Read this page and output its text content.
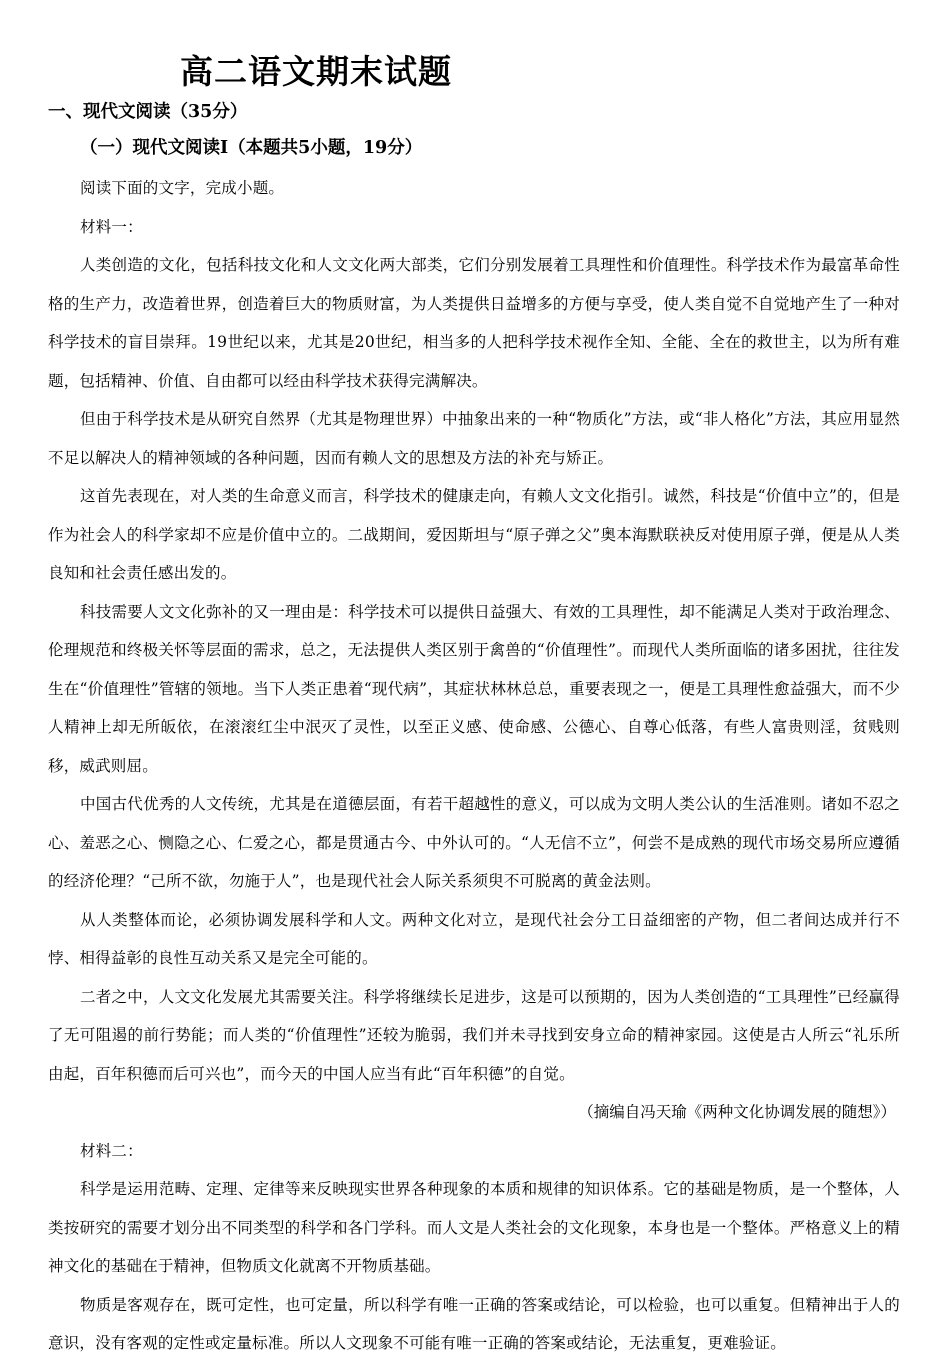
高二语文期末试题
一、现代文阅读（35分）
（一）现代文阅读Ⅰ（本题共5小题，19分）

阅读下面的文字，完成小题。

材料一：

人类创造的文化，包括科技文化和人文文化两大部类，它们分别发展着工具理性和价值理性。科学技术作为最富革命性格的生产力，改造着世界，创造着巨大的物质财富，为人类提供日益增多的方便与享受，使人类自觉不自觉地产生了一种对科学技术的盲目崇拜。19世纪以来，尤其是20世纪，相当多的人把科学技术视作全知、全能、全在的救世主，以为所有难题，包括精神、价值、自由都可以经由科学技术获得完满解决。

但由于科学技术是从研究自然界（尤其是物理世界）中抽象出来的一种“物质化”方法，或“非人格化”方法，其应用显然不足以解决人的精神领域的各种问题，因而有赖人文的思想及方法的补充与矫正。

这首先表现在，对人类的生命意义而言，科学技术的健康走向，有赖人文文化指引。诚然，科技是“价值中立”的，但是作为社会人的科学家却不应是价值中立的。二战期间，爱因斯坦与“原子弹之父”奥本海默联袂反对使用原子弹，便是从人类良知和社会责任感出发的。

科技需要人文文化弥补的又一理由是：科学技术可以提供日益强大、有效的工具理性，却不能满足人类对于政治理念、伦理规范和终极关怀等层面的需求，总之，无法提供人类区别于禽兽的“价值理性”。而现代人类所面临的诸多困扰，往往发生在“价值理性”管辖的领地。当下人类正患着“现代病”，其症状林林总总，重要表现之一，便是工具理性愈益强大，而不少人精神上却无所皈依，在滚滚红尘中泯灭了灵性，以至正义感、使命感、公德心、自尊心低落，有些人富贵则淫，贫贱则移，威武则屈。

中国古代优秀的人文传统，尤其是在道德层面，有若干超越性的意义，可以成为文明人类公认的生活准则。诸如不忍之心、羞恶之心、恻隐之心、仁爱之心，都是贯通古今、中外认可的。“人无信不立”，何尝不是成熟的现代市场交易所应遵循的经济伦理？“己所不欲，勿施于人”，也是现代社会人际关系须臾不可脱离的黄金法则。

从人类整体而论，必须协调发展科学和人文。两种文化对立，是现代社会分工日益细密的产物，但二者间达成并行不悖、相得益彰的良性互动关系又是完全可能的。

二者之中，人文文化发展尤其需要关注。科学将继续长足进步，这是可以预期的，因为人类创造的“工具理性”已经赢得了无可阻遏的前行势能；而人类的“价值理性”还较为脆弱，我们并未寻找到安身立命的精神家园。这使是古人所云“礼乐所由起，百年积德而后可兴也”，而今天的中国人应当有此“百年积德”的自觉。

（摘编自冯天瑜《两种文化协调发展的随想》）

材料二：

科学是运用范畴、定理、定律等来反映现实世界各种现象的本质和规律的知识体系。它的基础是物质，是一个整体，人类按研究的需要才划分出不同类型的科学和各门学科。而人文是人类社会的文化现象，本身也是一个整体。严格意义上的精神文化的基础在于精神，但物质文化就离不开物质基础。

物质是客观存在，既可定性，也可定量，所以科学有唯一正确的答案或结论，可以检验，也可以重复。但精神出于人的意识，没有客观的定性或定量标准。所以人文现象不可能有唯一正确的答案或结论，无法重复，更难验证。
